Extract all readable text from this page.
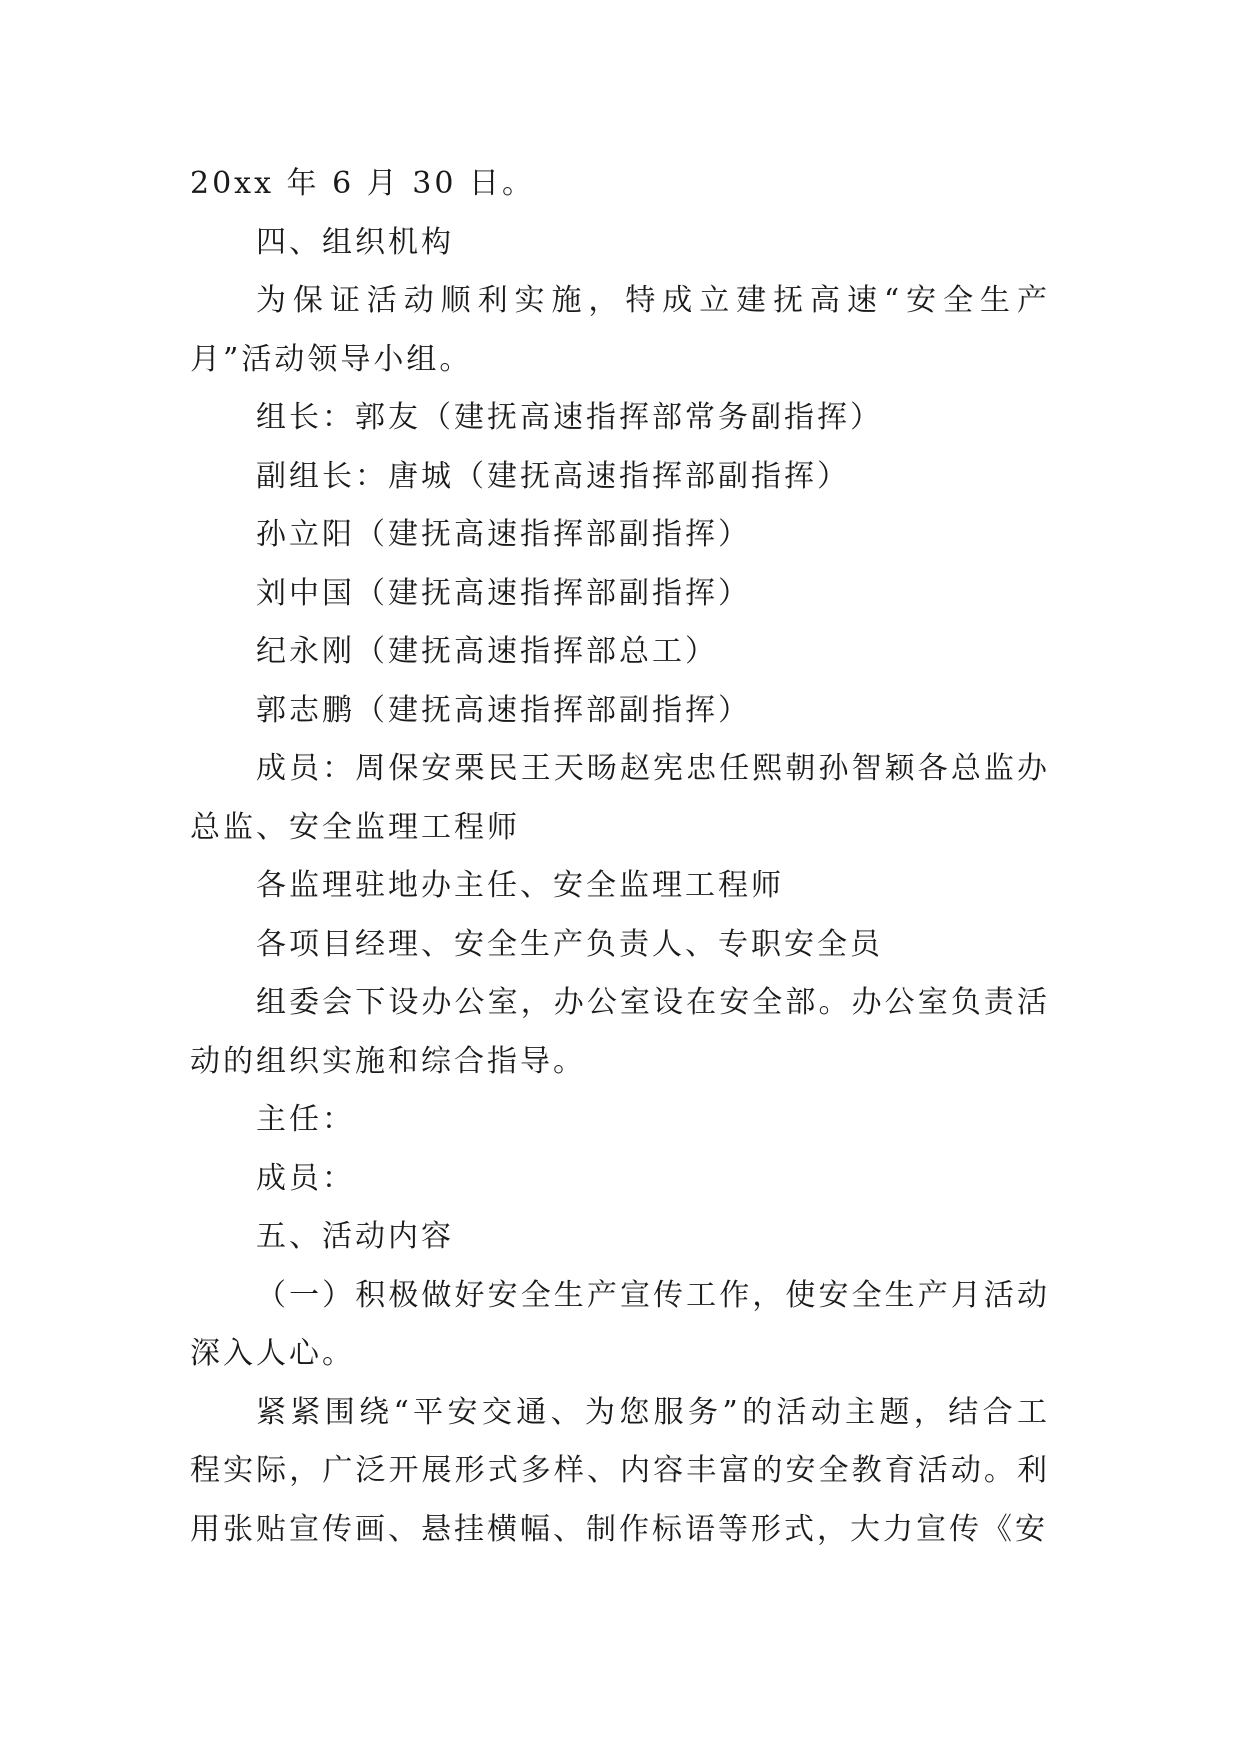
20xx 年 6 月 30 日。

四、组织机构

为保证活动顺利实施，特成立建抚高速“安全生产月”活动领导小组。

组长：郭友（建抚高速指挥部常务副指挥）

副组长：唐城（建抚高速指挥部副指挥）

孙立阳（建抚高速指挥部副指挥）

刘中国（建抚高速指挥部副指挥）

纪永刚（建抚高速指挥部总工）

郭志鹏（建抚高速指挥部副指挥）

成员：周保安栗民王天旸赵宪忠任熙朝孙智颖各总监办总监、安全监理工程师

各监理驻地办主任、安全监理工程师

各项目经理、安全生产负责人、专职安全员

组委会下设办公室，办公室设在安全部。办公室负责活动的组织实施和综合指导。

主任：

成员：

五、活动内容

（一）积极做好安全生产宣传工作，使安全生产月活动深入人心。

紧紧围绕“平安交通、为您服务”的活动主题，结合工程实际，广泛开展形式多样、内容丰富的安全教育活动。利用张贴宣传画、悬挂横幅、制作标语等形式，大力宣传《安
